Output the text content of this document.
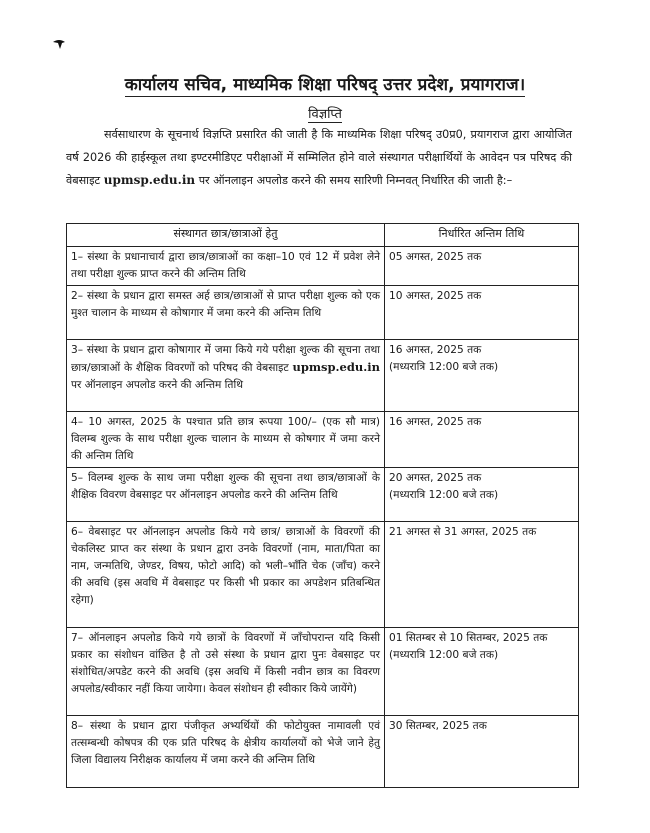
कार्यालय सचिव, माध्यमिक शिक्षा परिषद् उत्तर प्रदेश, प्रयागराज।
विज्ञप्ति
सर्वसाधारण के सूचनार्थ विज्ञप्ति प्रसारित की जाती है कि माध्यमिक शिक्षा परिषद् उ0प्र0, प्रयागराज द्वारा आयोजित वर्ष 2026 की हाईस्कूल तथा इण्टरमीडिएट परीक्षाओं में सम्मिलित होने वाले संस्थागत परीक्षार्थियों के आवेदन पत्र परिषद की वेबसाइट upmsp.edu.in पर ऑनलाइन अपलोड करने की समय सारिणी निम्नवत् निर्धारित की जाती है:–
संस्थागत छात्र/छात्राओं हेतु	निर्धारित अन्तिम तिथि
1– संस्था के प्रधानाचार्य द्वारा छात्र/छात्राओं का कक्षा–10 एवं 12 में प्रवेश लेने तथा परीक्षा शुल्क प्राप्त करने की अन्तिम तिथि	05 अगस्त, 2025 तक

2– संस्था के प्रधान द्वारा समस्त अर्ह छात्र/छात्राओं से प्राप्त परीक्षा शुल्क को एक मुश्त चालान के माध्यम से कोषागार में जमा करने की अन्तिम तिथि	10 अगस्त, 2025 तक

3– संस्था के प्रधान द्वारा कोषागार में जमा किये गये परीक्षा शुल्क की सूचना तथा छात्र/छात्राओं के शैक्षिक विवरणों को परिषद की वेबसाइट upmsp.edu.in पर ऑनलाइन अपलोड करने की अन्तिम तिथि	16 अगस्त, 2025 तक
(मध्यरात्रि 12:00 बजे तक)

4– 10 अगस्त, 2025 के पश्चात प्रति छात्र रूपया 100/– (एक सौ मात्र) विलम्ब शुल्क के साथ परीक्षा शुल्क चालान के माध्यम से कोषगार में जमा करने की अन्तिम तिथि	16 अगस्त, 2025 तक

5– विलम्ब शुल्क के साथ जमा परीक्षा शुल्क की सूचना तथा छात्र/छात्राओं के शैक्षिक विवरण वेबसाइट पर ऑनलाइन अपलोड करने की अन्तिम तिथि	20 अगस्त, 2025 तक
(मध्यरात्रि 12:00 बजे तक)

6– वेबसाइट पर ऑनलाइन अपलोड किये गये छात्र/ छात्राओं के विवरणों की चेकलिस्ट प्राप्त कर संस्था के प्रधान द्वारा उनके विवरणों (नाम, माता/पिता का नाम, जन्मतिथि, जेण्डर, विषय, फोटो आदि) को भली–भाँति चेक (जाँच) करने की अवधि (इस अवधि में वेबसाइट पर किसी भी प्रकार का अपडेशन प्रतिबन्धित रहेगा)	21 अगस्त से 31 अगस्त, 2025 तक

7– ऑनलाइन अपलोड किये गये छात्रों के विवरणों में जाँचोपरान्त यदि किसी प्रकार का संशोधन वांछित है तो उसे संस्था के प्रधान द्वारा पुनः वेबसाइट पर संशोधित/अपडेट करने की अवधि (इस अवधि में किसी नवीन छात्र का विवरण अपलोड/स्वीकार नहीं किया जायेगा। केवल संशोधन ही स्वीकार किये जायेंगे)	01 सितम्बर से 10 सितम्बर, 2025 तक
(मध्यरात्रि 12:00 बजे तक)

8– संस्था के प्रधान द्वारा पंजीकृत अभ्यर्थियों की फोटोयुक्त नामावली एवं तत्सम्बन्धी कोषपत्र की एक प्रति परिषद के क्षेत्रीय कार्यालयों को भेजे जाने हेतु जिला विद्यालय निरीक्षक कार्यालय में जमा करने की अन्तिम तिथि	30 सितम्बर, 2025 तक
